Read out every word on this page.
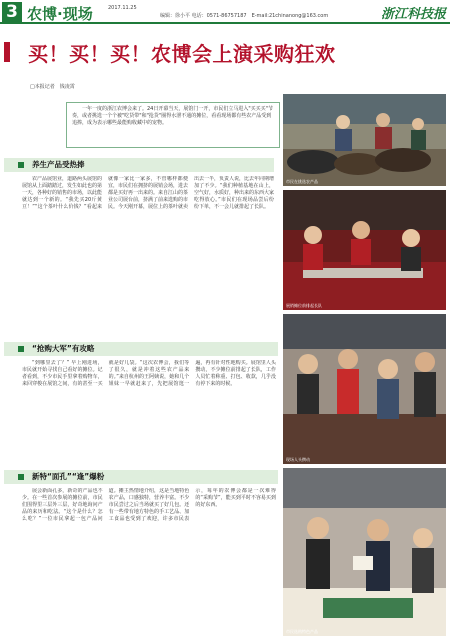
3 农博·现场	2017.11.25
编辑：徐小平 电话：0571-86757187　E-mail:21chinanong@163.com	浙江科技报
买！买！买！农博会上演采购狂欢
□本报记者　钱凌霄
一年一度的浙江农博会来了。24日开幕当天，展馆门一开，市民们立马进入"买买买"节奏，或者挑选一个个被"吃货带"和"抢货"圈得水泄不通的摊位，看看现场都有些农产品受到追捧，成为表示哪些最能购收藏中的宠物。
养生产品受热捧
农产品展馆业，道路两头展馆的展馆从上面踏踏过，发生如此也的第一天，各种好的销售的市场，以此能就达到一个新的。“我先买20斤黄豆！”“这个茶叶什么价钱？”看起来就像一家比一家多，不管哪样都便宜，市民们在拥挤的展销会场，进去都是买好再一出来的。来自江山的茶业公司展台前，挤满了前来选购的市民。今天刚开幕，展位上的茶叶就卖出去一半，负责人说，比去年同期增加了不少。“我们种植基地在山上，空气好，水质好，种出来的东西大家吃得放心。”市民们在现场品尝后纷纷下单，不一会儿就排起了长队。
“抢购大军”有攻略
“到哪里去了？” 早上刚进场，市民就开始寻找自己看好的摊位。记者看到，不少市民手里拿着购物车，来回穿梭在展馆之间，有的甚至一买就是好几袋。“这次农博会，我们等了很久，就是冲着这些农产品来的。”来自杭州的王阿姨说，她和几个姐妹一早就赶来了，先把展馆逛一遍，再有针对性地购买。展馆里人头攒动，不少摊位前排起了长队，工作人员忙着称重、打包、收款，几乎没有停下来的时候。
新特“面孔”“逢”爆粉
展会新面孔多，新奇的产品也不少。在一些首次参展的摊位前，市民们围得里三层外三层，好奇地询问产品的来历和吃法。“这个是什么？怎么吃？”一位市民拿起一包产品问道。摊主热情地介绍，这是当地特色农产品，口感独特，营养丰富。不少市民尝过之后当场就买了好几包。还有一些带有地方特色的手工艺品、加工食品也受到了欢迎，许多市民表示，每年的农博会都是一次难得的“采购节”，能买到平时不容易买到的好东西。
市民在挑选农产品
展销摊位前排起长队
现场人头攒动
市民选购特色产品
